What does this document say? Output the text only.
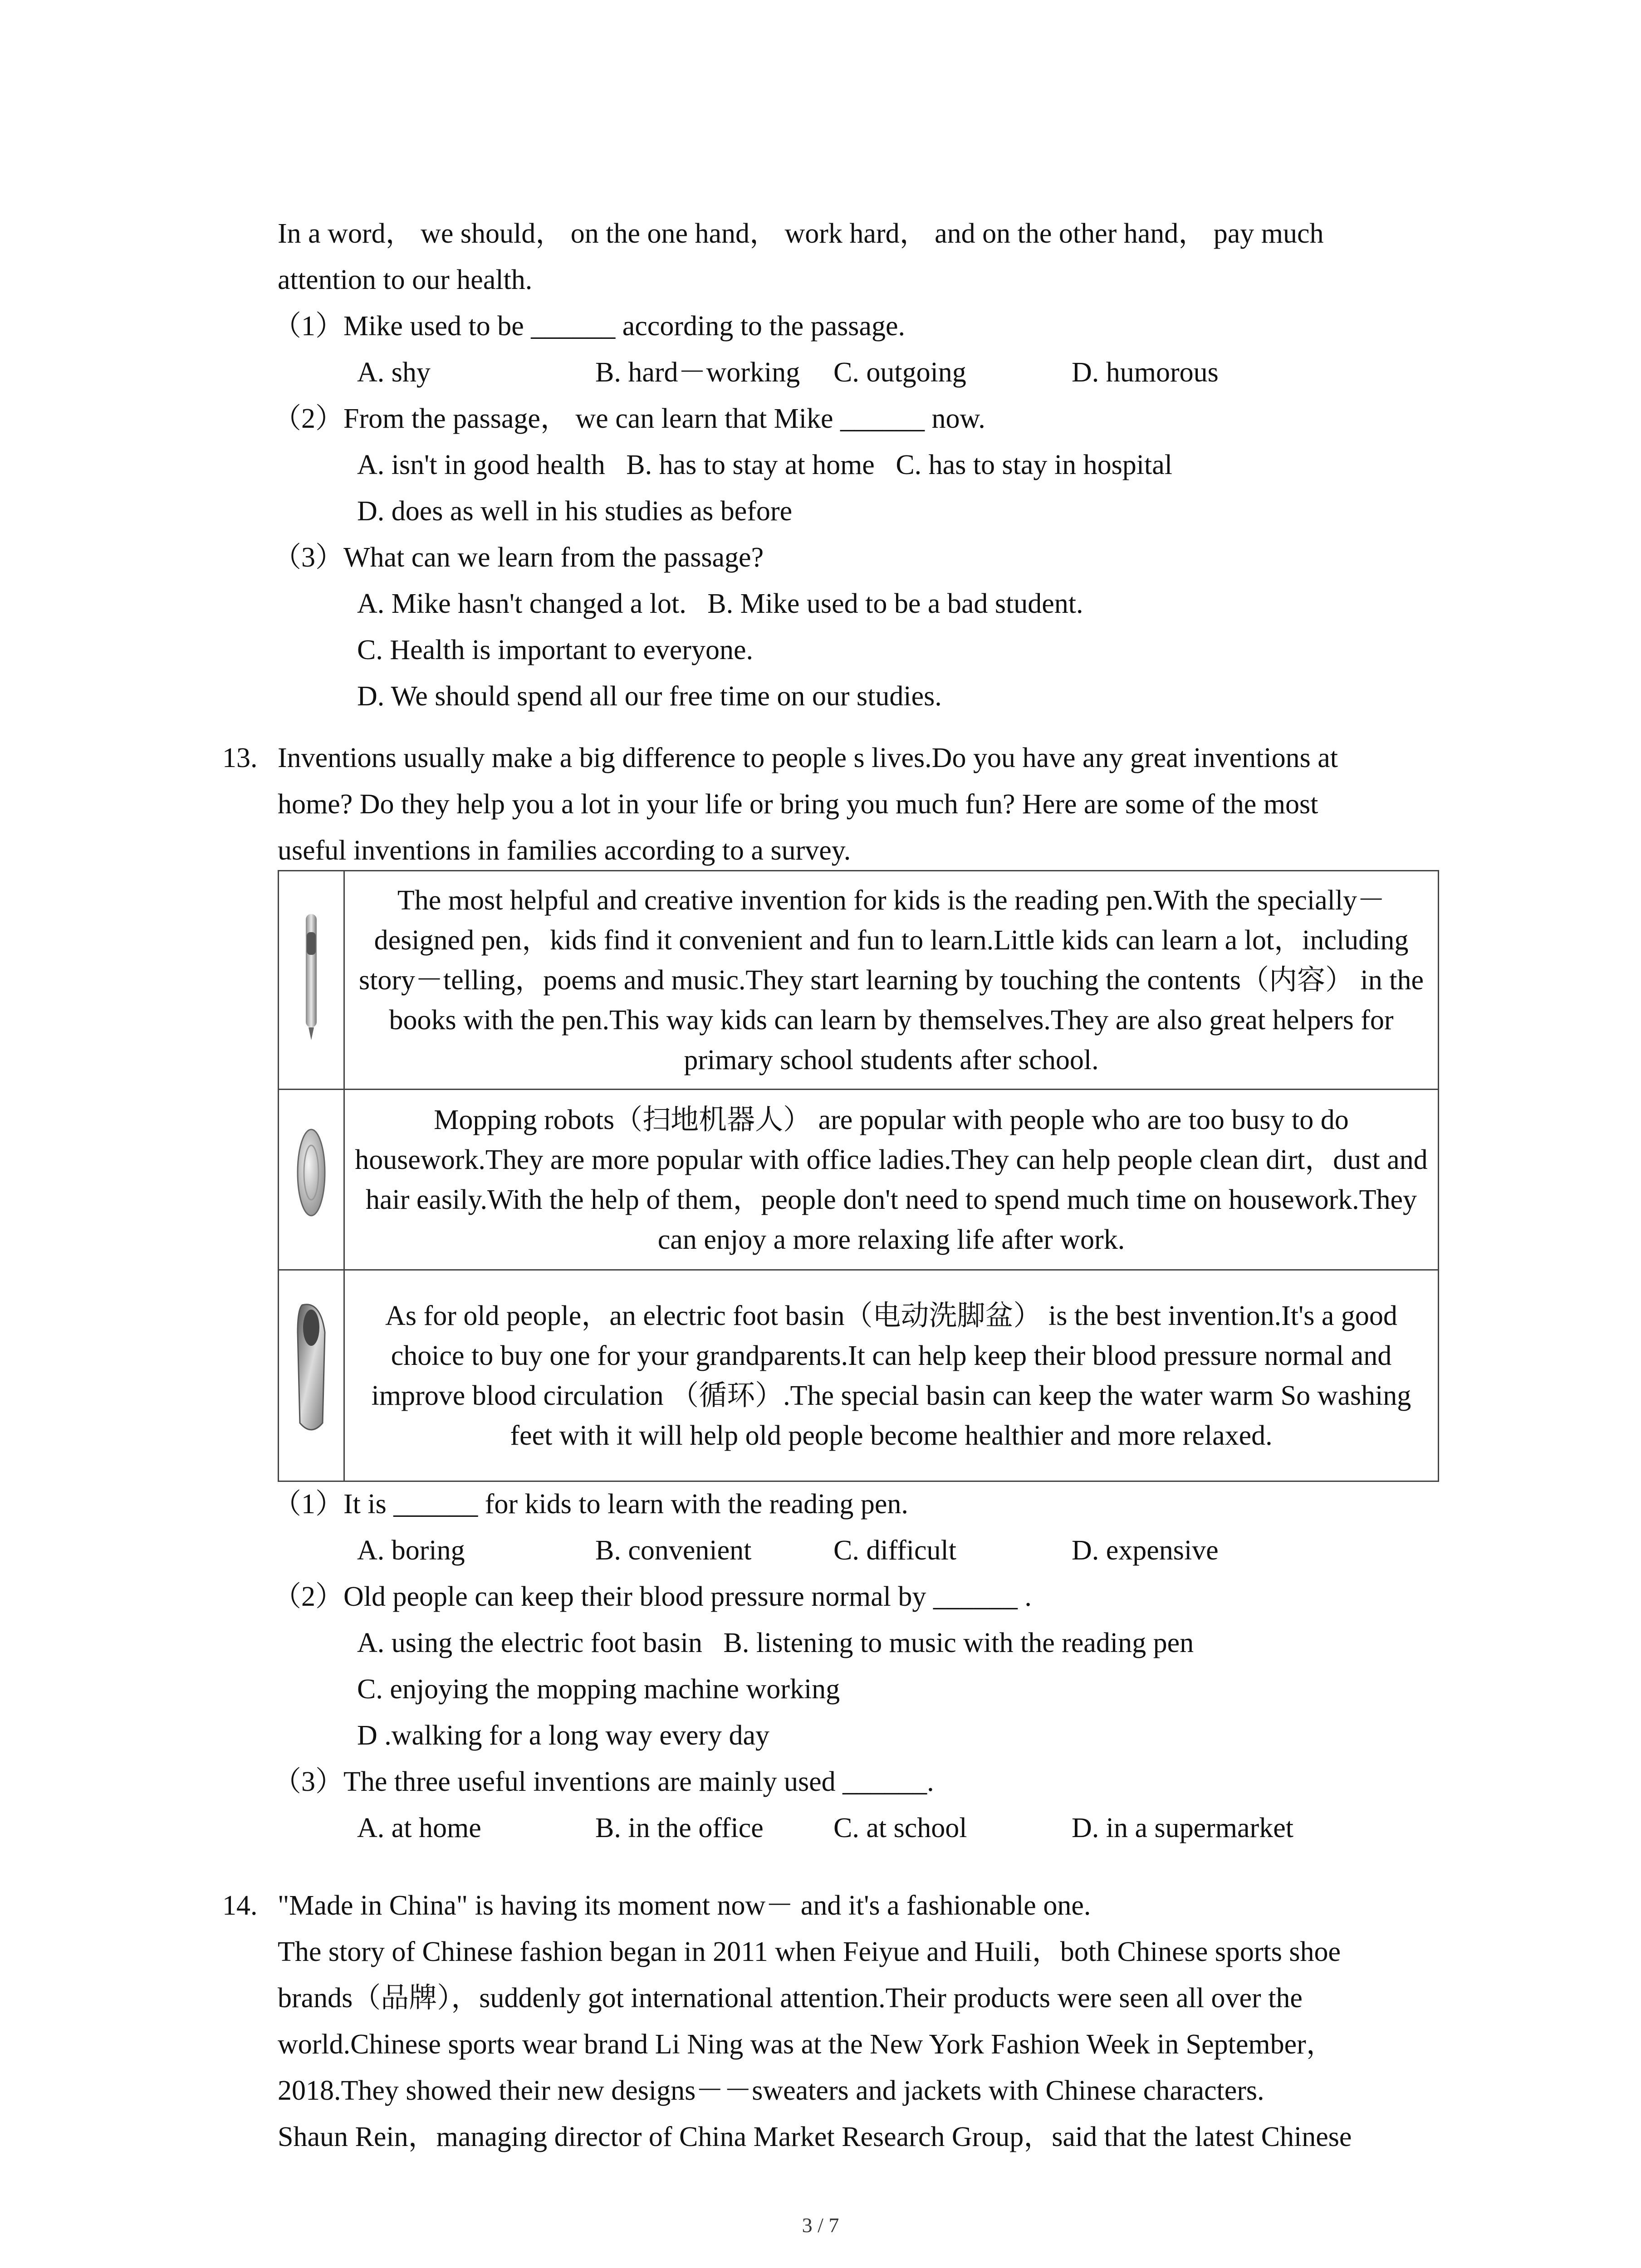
In a word， we should， on the one hand， work hard， and on the other hand， pay much
attention to our health.
（1）Mike used to be ______ according to the passage.
A. shy	B. hard－working	C. outgoing	D. humorous
（2）From the passage， we can learn that Mike ______ now.
A. isn't in good health   B. has to stay at home   C. has to stay in hospital
D. does as well in his studies as before
（3）What can we learn from the passage?
A. Mike hasn't changed a lot.   B. Mike used to be a bad student.
C. Health is important to everyone.
D. We should spend all our free time on our studies.
13. Inventions usually make a big difference to people s lives.Do you have any great inventions at
home? Do they help you a lot in your life or bring you much fun? Here are some of the most
useful inventions in families according to a survey.
	The most helpful and creative invention for kids is the reading pen.With the specially－designed pen，kids find it convenient and fun to learn.Little kids can learn a lot，including story－telling，poems and music.They start learning by touching the contents（内容） in the books with the pen.This way kids can learn by themselves.They are also great helpers for primary school students after school.
	Mopping robots（扫地机器人） are popular with people who are too busy to do housework.They are more popular with office ladies.They can help people clean dirt，dust and hair easily.With the help of them，people don't need to spend much time on housework.They can enjoy a more relaxing life after work.
	As for old people，an electric foot basin（电动洗脚盆） is the best invention.It's a good choice to buy one for your grandparents.It can help keep their blood pressure normal and improve blood circulation （循环）.The special basin can keep the water warm So washing feet with it will help old people become healthier and more relaxed.
（1）It is ______ for kids to learn with the reading pen.
A. boring	B. convenient	C. difficult	D. expensive
（2）Old people can keep their blood pressure normal by ______ .
A. using the electric foot basin   B. listening to music with the reading pen
C. enjoying the mopping machine working
D .walking for a long way every day
（3）The three useful inventions are mainly used ______.
A. at home	B. in the office	C. at school	D. in a supermarket
14. "Made in China" is having its moment now－ and it's a fashionable one.
The story of Chinese fashion began in 2011 when Feiyue and Huili，both Chinese sports shoe
brands（品牌），suddenly got international attention.Their products were seen all over the
world.Chinese sports wear brand Li Ning was at the New York Fashion Week in September，
2018.They showed their new designs－－sweaters and jackets with Chinese characters.
Shaun Rein，managing director of China Market Research Group，said that the latest Chinese
3 / 7
